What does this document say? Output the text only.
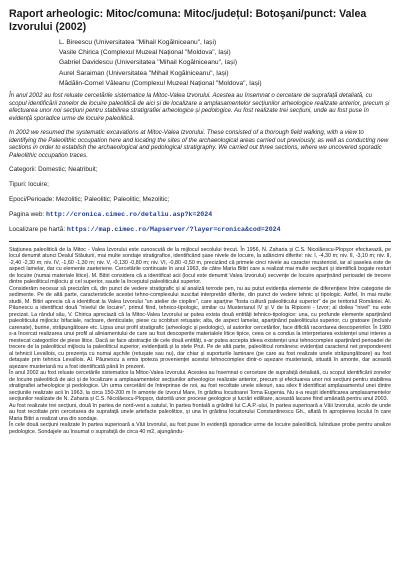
Raport arheologic: Mitoc/comuna: Mitoc/județul: Botoșani/punct: Valea Izvorului (2002)
L. Bireescu (Universitatea "Mihail Kogălniceanu", Iași)
Vasile Chirica (Complexul Muzeal Național "Moldova", Iași)
Gabriel Davidescu (Universitatea "Mihail Kogălniceanu", Iași)
Aurel Saraiman (Universitatea "Mihail Kogălniceanu", Iași)
Mădălin-Cornel Văleanu (Complexul Muzeal Național "Moldova", Iași)

În anul 2002 au fost reluate cercetările sistematice la Mitoc-Valea Izvorului. Acestea au însemnat o cercetare de suprafață detaliată, cu scopul identificării zonelor de locuire paleolitică de aici și de localizare a amplasamentelor secțiunilor arheologice realizate anterior, precum și efectuarea unor noi secțiuni pentru stabilirea stratigrafiei arheologice și pedologice. Au fost realizate trei secțiuni, unde au fost puse în evidență sporadice urme de locuire paleolitică.

In 2002 we resumed the systematic excavations at Mitoc-Valea Izvorului. These consisted of a thorough field walking, with a view to identifying the Paleolithic occupation here and locating the sites of the archaeological areas carried out previously, as well as conducting new sections in order to establish the archaeological and pedological stratigraphy. We carried out three sections, where we uncovered sporadic Paleolithic occupation traces.

Categorii: Domestic; Neatribuit;

Tipuri: locuire;

Epoci/Perioade: Mezolitic; Paleolitic; Paleolitic; Mezolitic;

Pagina web: http://cronica.cimec.ro/detaliu.asp?k=2024

Localizare pe hartă: https://map.cimec.ro/Mapserver/?layer=cronica&cod=2024

Stațiunea paleolitică de la Mitoc - Valea Izvorului este cunoscută de la mijlocul secolului trecut. În 1956, N. Zaharia și C.S. Nicolăescu-Plopșor efectuează, pe locul denumit atunci Dealul Stăuturii, mai multe sondaje stratigrafice, identificând șase nivele de locuire, la adâncimi diferite: niv. I, -4,30 m; niv. II, -3,10 m; niv. II, -2,40 -2,30 m; niv. IV, -1,60 -1,30 m; niv. V, -0,130 -0,80 m; niv. VI, -0,80 -0,50 m, precizând că primele cinci nivele au caracter musterioid, iar al șaselea este de aspect lamelar, dar cu elemente zaeteriene. Cercetările continuate în anul 1963, de către Maria Bitiri care a realizat mai multe secțiuni și identifică bogate resturi de locuire (numai materiale litice). M. Bitiri considera că a identificat acii (locul este denumit Valea Izvorului) secvențe de locuire aparținând perioadei de trecere dintre paleoliticul mijlociu și cel superior, saude la începutul paleoliticului superior.

Considerăm necesar să precizăm că, din punct de vedere stratigrafic și al analiză terrode pen, nu au putut evidenția elemente de diferențiere între categorie de sedimente. Pe de altă parte, caracteristicile acestei tehno-complexului suscitat interpretări diferite, din punct de vedere tehnic și tipologic. Astfel, în mai multe studii, M. Bitiri aprecia că a identificat la Valea Izvorului "un atelier de cioplire", care aparține "fosta cultură paleoliticului superior" de pe teritoriul României. Al. Păunescu a identificat două "nivelul de locuire", primul fiind, tehnico-tipologic, similar cu Musterianul IV și V de la Ripiceni - Izvor; al doilea "nivel" nu este precizat. La rândul său, V. Chirica apreciază că la Mitoc-Valea Izvorului ar putea exista două entități tehnico-tipologice: una, cu profunde elemente aparținând paleoliticului mijlociu: bifaciale, racloare, denticulate, piese cu scobituri retușate; alta, de aspect lamelar, aparținând paleoliticului superior, cu gratoare (inclusiv carenate), burine, străpungătoare etc. Lipsa unui profil stratigrafic (arheologic și pedologic), al autorilor cercetărilor, face dificilă racordarea descoperirilor. În 1980 s-a încercat realizarea unui profil al aliniamentului de care au fost descoperite materialele litice tipice, ceea ce a condus la interpretarea existenței unui interes a mestecat categoriilor de piese litice. Dacă se face abstracție de cele două entități, s-ar putea accepta ideea existenței unui tehnocomplex aparținând perioadei de trecere de la paleoliticul mijlociu la paleoliticul superior, evidențiată și la stele Prut. Pe de altă parte, paleoliticul românesc evidențiat caracterul net preponderent al tehnicii Levallois, cu prezența cu numai aşchile (retușate sau nu), dar chiar și suporturile laminare (pe care au fost realizate unele străpungătoare) au fost detașate prin tehnica Levallois. Al. Păunescu a emis ipoteza provenienței acestui tehnocomplex dintr-o așezare musteriană, situată în amonte, dar această așezare musteriană nu a fost identificată până în prezent.

În anul 2002 au fost reluate cercetările sistematice la Mitoc-Valea Izvorului. Acestea au însemnat o cercetare de suprafață detaliată, cu scopul identificării zonelor de locuire paleolitică de aici și de localizare a amplasamentelor secțiunilor arheologice realizate anterior, precum și efectuarea unor noi secțiuni pentru stabilirea stratigrafiei arheologice și pedologice. Un urma cercetării de întreprinse de noi, au fost recoltate unele silexuri, sau silex fi identificat amplasamentul unei dintre secțiunile realizate acii în 1963, la circa 150-200 m în amonte de Izvorul Mare, în grădina locuitoarei Toma Eugenia. Nu s-a reușit identificarea amplasamentelor secțiunilor realizate de N. Zaharia și C.S. Nicolăescu-Plopșor, datorită unor procese geologice și lucrări edilitare, această lacune fiind amânată pentru anul 2003.

Au fost realizate trei secțiuni, două în partea de nord-vest a satului, în partea frontală a grădinii lui C.A.P.-ului, în partea superioară a Văii Izvorului, acolo de unde au fost recoltate prin cercetarea de suprafață unele artefacte paleolitice, și una în grădina locuitorului Constantinescu Gh., aflată în apropierea locului în care Maria Bitiri a realizat una din sondaje.

În cele două secțiuni realizate în partea superioară a Văii Izvorului, au fost puse în evidență sporadice urme de locuire paleolitică, lulinduse probe pentru analize pedologice. Sondajele au însumat o suprafață de circa 40 m2, ajungându-
